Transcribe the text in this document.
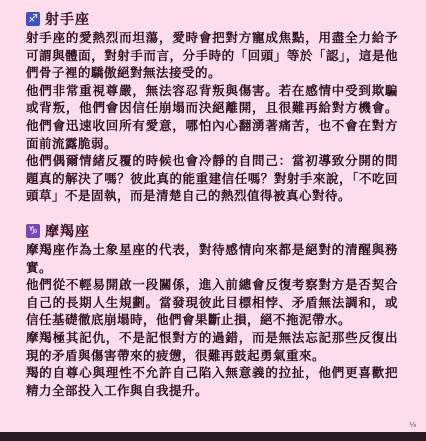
♐ 射手座
射手座的愛熱烈而坦蕩，愛時會把對方寵成焦點，用盡全力給予可謂與體面，對射手而言，分手時的「回頭」等於「認」，這是他們骨子裡的驕傲絕對無法接受的。
他們非常重視尊嚴，無法容忍背叛與傷害。若在感情中受到欺騙或背叛，他們會因信任崩塌而決絕離開，且很難再給對方機會。他們會迅速收回所有愛意，哪怕內心翻湧著痛苦，也不會在對方面前流露脆弱。
他們偶爾情緒反覆的時候也會冷靜的自問己：當初導致分開的問題真的解決了嗎？彼此真的能重建信任嗎？對射手來說，「不吃回頭草」不是固執，而是清楚自己的熱烈值得被真心對待。
♑ 摩羯座
摩羯座作為土象星座的代表，對待感情向來都是絕對的清醒與務實。
他們從不輕易開啟一段關係，進入前總會反復考察對方是否契合自己的長期人生規劃。當發現彼此目標相悖、矛盾無法調和，或信任基礎徹底崩塌時，他們會果斷止損，絕不拖泥帶水。
摩羯極其記仇，不是記恨對方的過錯，而是無法忘記那些反復出現的矛盾與傷害帶來的疲憊，很難再鼓起勇氣重來。
羯的自尊心與理性不允許自己陷入無意義的拉扯，他們更喜歡把精力全部投入工作與自我提升。
⅓
